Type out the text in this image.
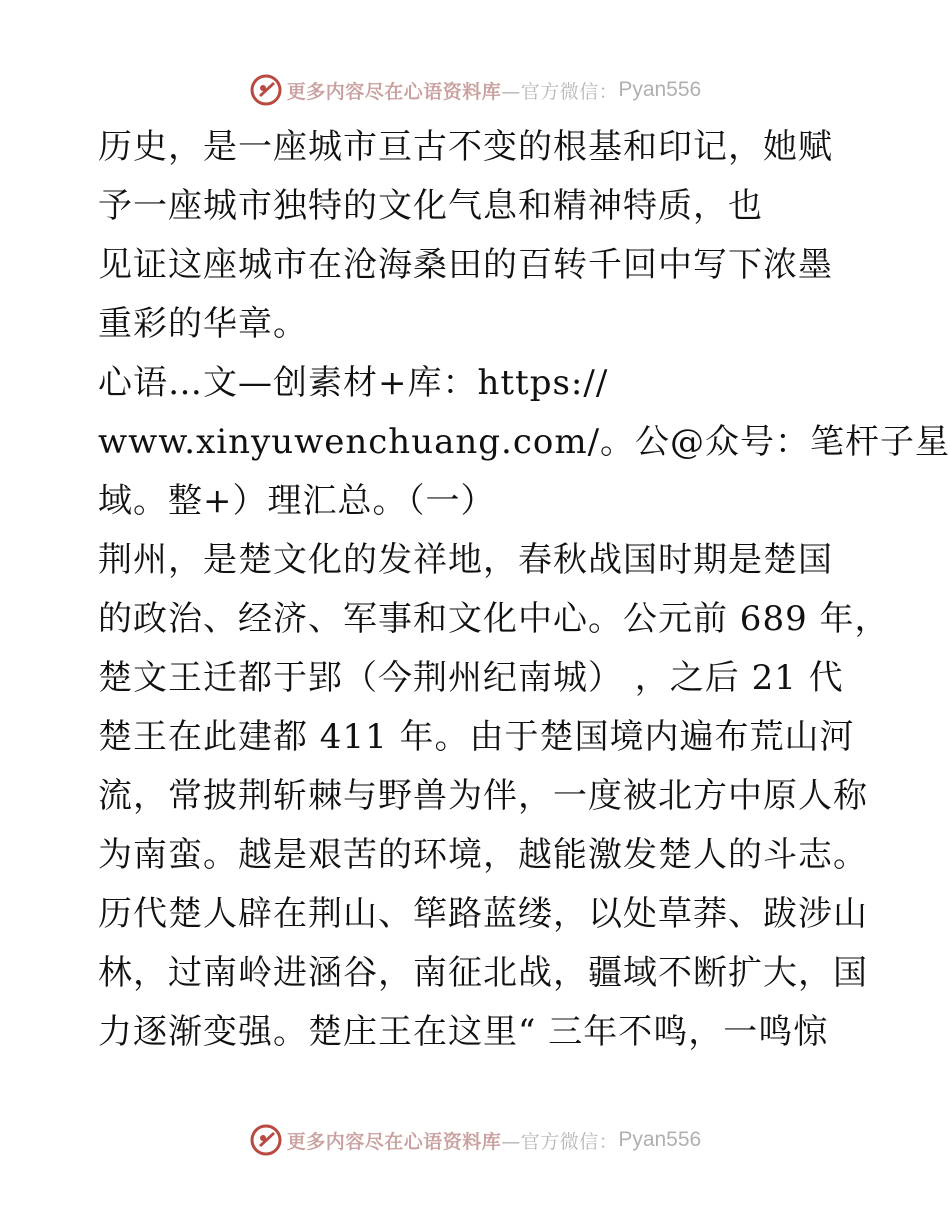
更多内容尽在心语资料库 —官方微信： Pyan556

历史，是一座城市亘古不变的根基和印记，她赋
予一座城市独特的文化气息和精神特质，也

见证这座城市在沧海桑田的百转千回中写下浓墨
重彩的华章。

心语…文—创素材+库：https://
www.xinyuwenchuang.com/。公@众号：笔杆子星
域。整+）理汇总。（一）

荆州，是楚文化的发祥地，春秋战国时期是楚国
的政治、经济、军事和文化中心。公元前 689 年，
楚文王迁都于郢（今荆州纪南城） ，之后 21 代
楚王在此建都 411 年。由于楚国境内遍布荒山河
流，常披荆斩棘与野兽为伴，一度被北方中原人称
为南蛮。越是艰苦的环境，越能激发楚人的斗志。
历代楚人辟在荆山、筚路蓝缕，以处草莽、跋涉山
林，过南岭进涵谷，南征北战，疆域不断扩大，国
力逐渐变强。楚庄王在这里“ 三年不鸣，一鸣惊

更多内容尽在心语资料库 —官方微信： Pyan556
